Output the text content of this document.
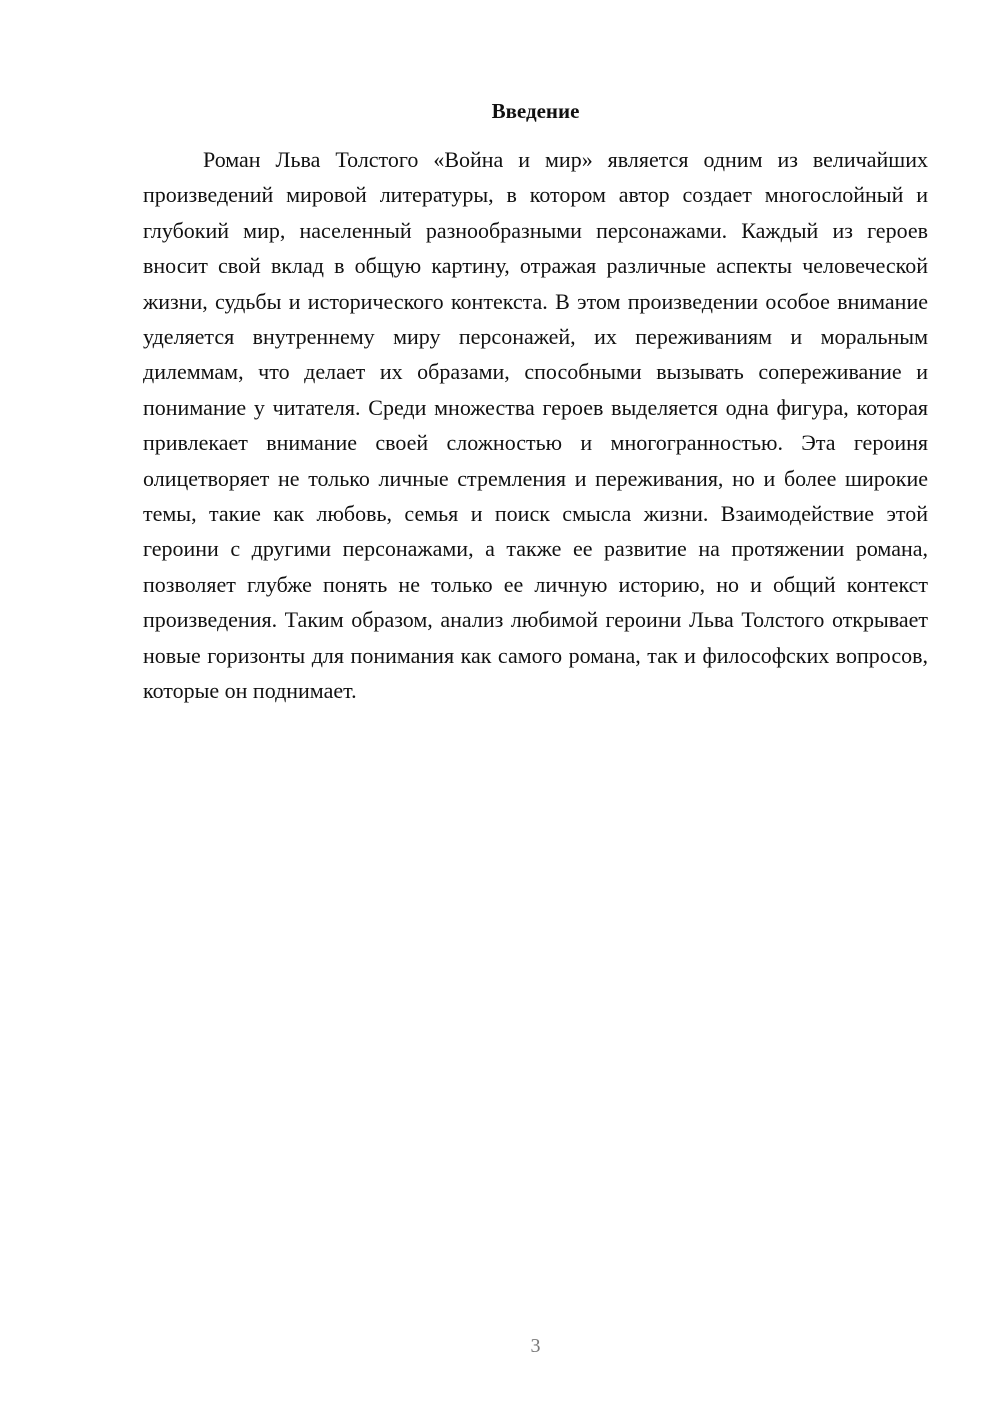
Введение

Роман Льва Толстого «Война и мир» является одним из величайших произведений мировой литературы, в котором автор создает многослойный и глубокий мир, населенный разнообразными персонажами. Каждый из героев вносит свой вклад в общую картину, отражая различные аспекты человеческой жизни, судьбы и исторического контекста. В этом произведении особое внимание уделяется внутреннему миру персонажей, их переживаниям и моральным дилеммам, что делает их образами, способными вызывать сопереживание и понимание у читателя. Среди множества героев выделяется одна фигура, которая привлекает внимание своей сложностью и многогранностью. Эта героиня олицетворяет не только личные стремления и переживания, но и более широкие темы, такие как любовь, семья и поиск смысла жизни. Взаимодействие этой героини с другими персонажами, а также ее развитие на протяжении романа, позволяет глубже понять не только ее личную историю, но и общий контекст произведения. Таким образом, анализ любимой героини Льва Толстого открывает новые горизонты для понимания как самого романа, так и философских вопросов, которые он поднимает.

3
